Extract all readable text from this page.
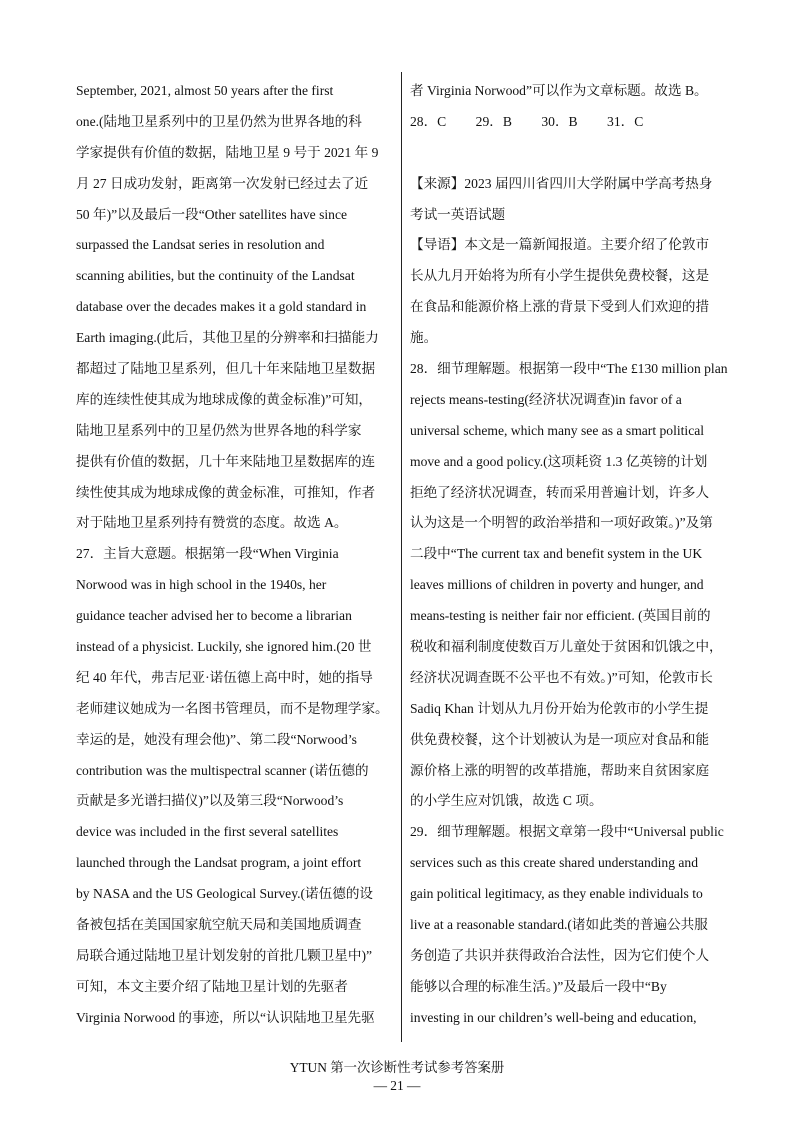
September, 2021, almost 50 years after the first
one.(陆地卫星系列中的卫星仍然为世界各地的科
学家提供有价值的数据，陆地卫星 9 号于 2021 年 9
月 27 日成功发射，距离第一次发射已经过去了近
50 年)”以及最后一段“Other satellites have since
surpassed the Landsat series in resolution and
scanning abilities, but the continuity of the Landsat
database over the decades makes it a gold standard in
Earth imaging.(此后，其他卫星的分辨率和扫描能力
都超过了陆地卫星系列，但几十年来陆地卫星数据
库的连续性使其成为地球成像的黄金标准)”可知，
陆地卫星系列中的卫星仍然为世界各地的科学家
提供有价值的数据，几十年来陆地卫星数据库的连
续性使其成为地球成像的黄金标准，可推知，作者
对于陆地卫星系列持有赞赏的态度。故选 A。
27．主旨大意题。根据第一段“When Virginia
Norwood was in high school in the 1940s, her
guidance teacher advised her to become a librarian
instead of a physicist. Luckily, she ignored him.(20 世
纪 40 年代，弗吉尼亚·诺伍德上高中时，她的指导
老师建议她成为一名图书管理员，而不是物理学家。
幸运的是，她没有理会他)”、第二段“Norwood’s
contribution was the multispectral scanner (诺伍德的
贡献是多光谱扫描仪)”以及第三段“Norwood’s
device was included in the first several satellites
launched through the Landsat program, a joint effort
by NASA and the US Geological Survey.(诺伍德的设
备被包括在美国国家航空航天局和美国地质调查
局联合通过陆地卫星计划发射的首批几颗卫星中)”
可知，本文主要介绍了陆地卫星计划的先驱者
Virginia Norwood 的事迹，所以“认识陆地卫星先驱
者 Virginia Norwood”可以作为文章标题。故选 B。
28．C 29．B 30．B 31．C
【来源】2023 届四川省四川大学附属中学高考热身
考试一英语试题
【导语】本文是一篇新闻报道。主要介绍了伦敦市
长从九月开始将为所有小学生提供免费校餐，这是
在食品和能源价格上涨的背景下受到人们欢迎的措
施。
28．细节理解题。根据第一段中“The £130 million plan
rejects means-testing(经济状况调查)in favor of a
universal scheme, which many see as a smart political
move and a good policy.(这项耗资 1.3 亿英镑的计划
拒绝了经济状况调查，转而采用普遍计划，许多人
认为这是一个明智的政治举措和一项好政策。)”及第
二段中“The current tax and benefit system in the UK
leaves millions of children in poverty and hunger, and
means-testing is neither fair nor efficient. (英国目前的
税收和福利制度使数百万儿童处于贫困和饥饿之中，
经济状况调查既不公平也不有效。)”可知，伦敦市长
Sadiq Khan 计划从九月份开始为伦敦市的小学生提
供免费校餐，这个计划被认为是一项应对食品和能
源价格上涨的明智的改革措施，帮助来自贫困家庭
的小学生应对饥饿，故选 C 项。
29．细节理解题。根据文章第一段中“Universal public
services such as this create shared understanding and
gain political legitimacy, as they enable individuals to
live at a reasonable standard.(诸如此类的普遍公共服
务创造了共识并获得政治合法性，因为它们使个人
能够以合理的标准生活。)”及最后一段中“By
investing in our children’s well-being and education,
YTUN 第一次诊断性考试参考答案册
— 21 —
